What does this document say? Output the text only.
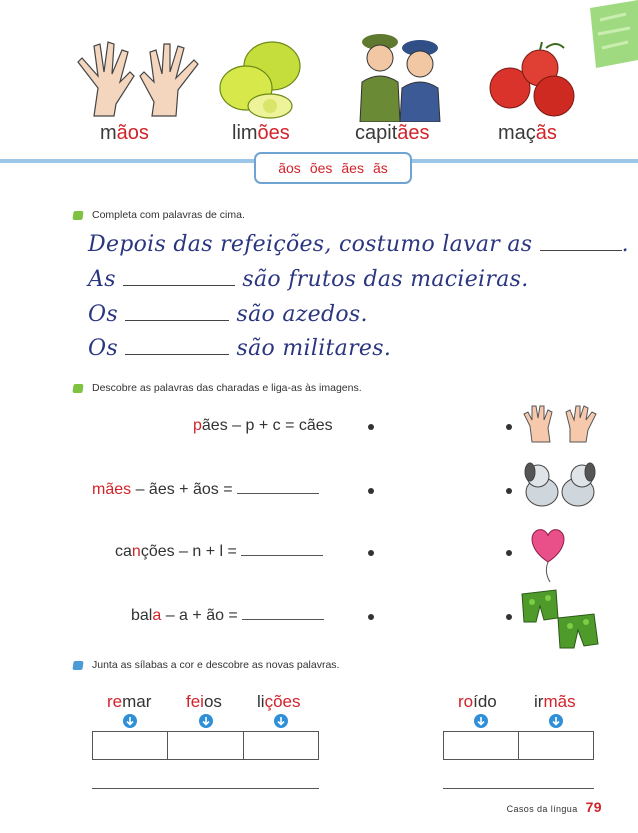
mãos	limões	capitães	maçãs
ãos ões ães ãs
Completa com palavras de cima.
Depois das refeições, costumo lavar as	.
As	são frutos das macieiras.
Os	são azedos.
Os	são militares.
Descobre as palavras das charadas e liga-as às imagens.
pães – p + c = cães
mães – ães + ãos =
canções – n + l =
bala – a + ão =
Junta as sílabas a cor e descobre as novas palavras.
remar feios lições	roído irmãs

Casos da língua 79
